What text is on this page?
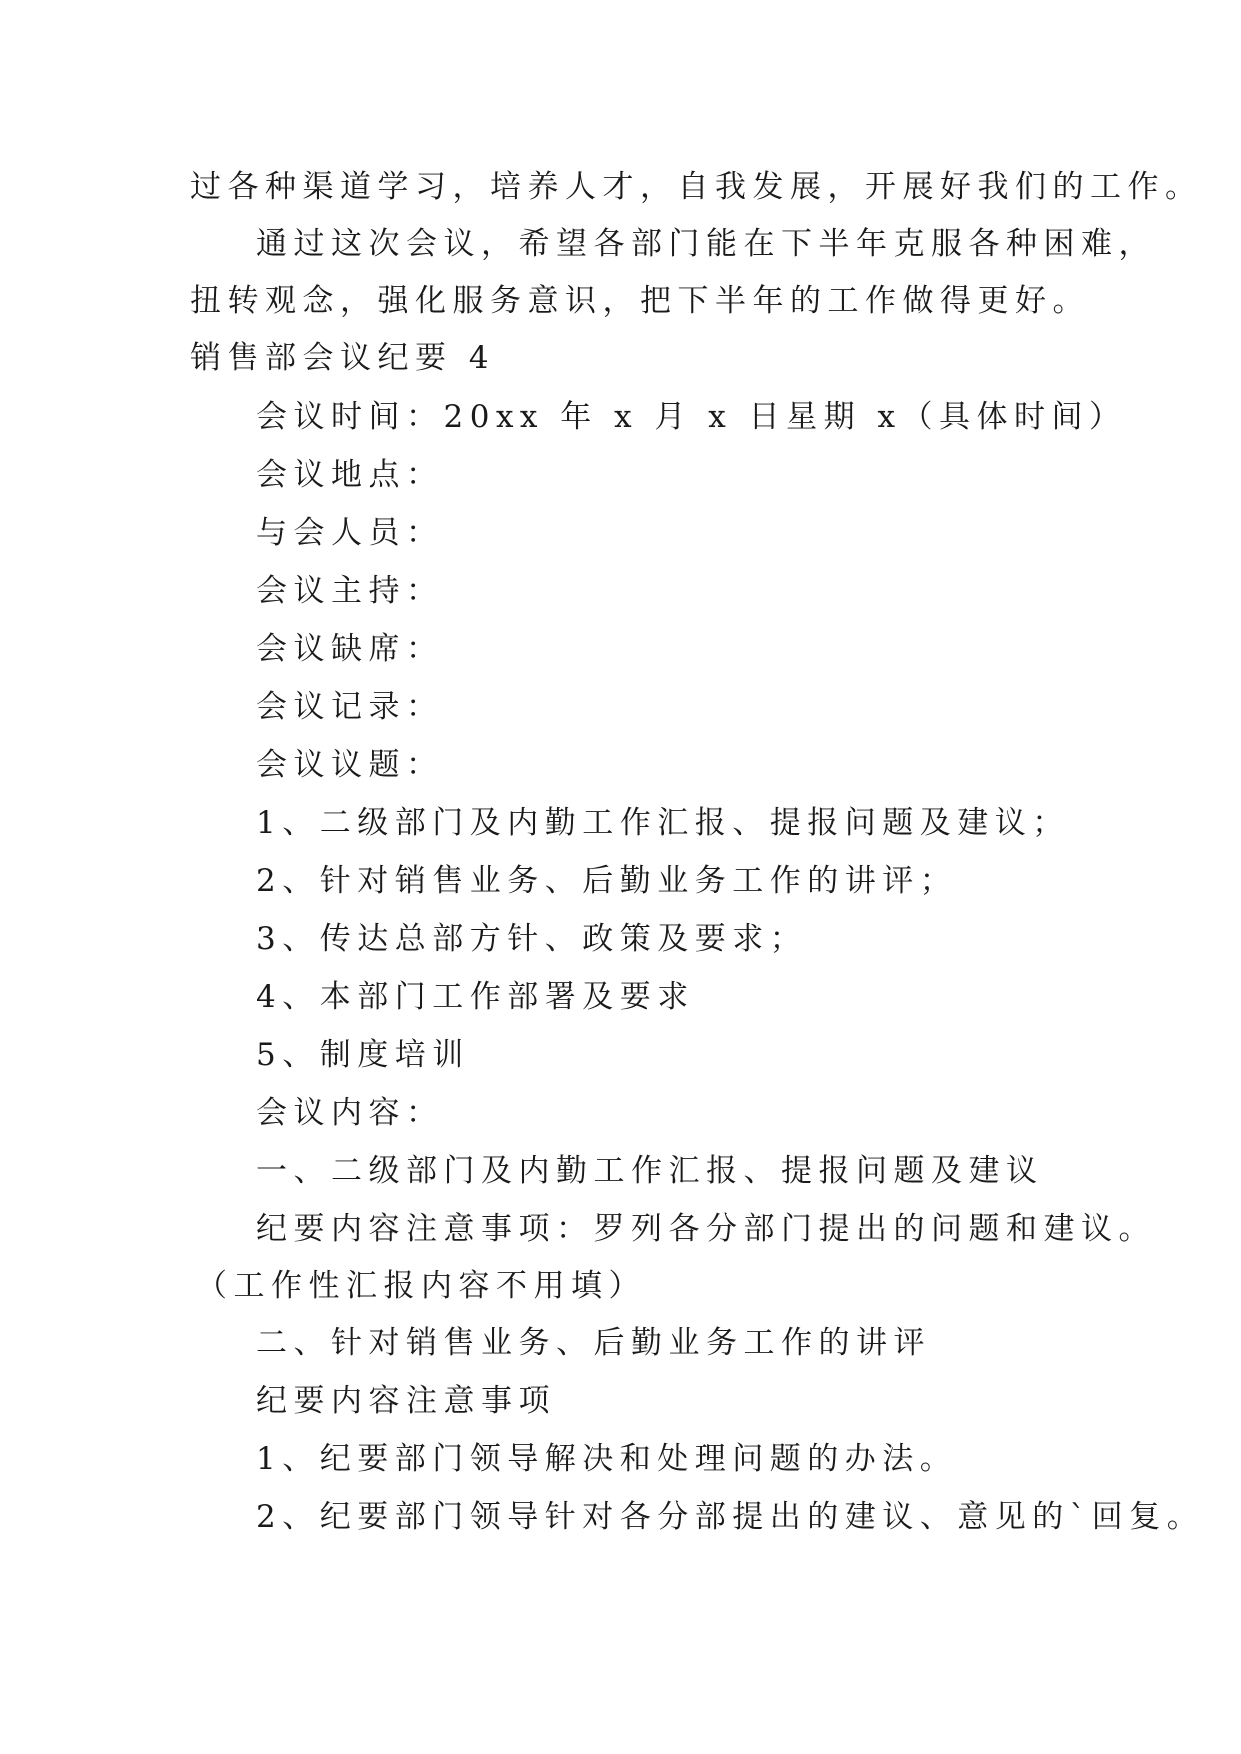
过各种渠道学习，培养人才，自我发展，开展好我们的工作。
通过这次会议，希望各部门能在下半年克服各种困难，
扭转观念，强化服务意识，把下半年的工作做得更好。
销售部会议纪要 4
会议时间：20xx 年 x 月 x 日星期 x（具体时间）
会议地点：
与会人员：
会议主持：
会议缺席：
会议记录：
会议议题：
1、二级部门及内勤工作汇报、提报问题及建议；
2、针对销售业务、后勤业务工作的讲评；
3、传达总部方针、政策及要求；
4、本部门工作部署及要求
5、制度培训
会议内容：
一、二级部门及内勤工作汇报、提报问题及建议
纪要内容注意事项：罗列各分部门提出的问题和建议。
（工作性汇报内容不用填）
二、针对销售业务、后勤业务工作的讲评
纪要内容注意事项
1、纪要部门领导解决和处理问题的办法。
2、纪要部门领导针对各分部提出的建议、意见的`回复。
